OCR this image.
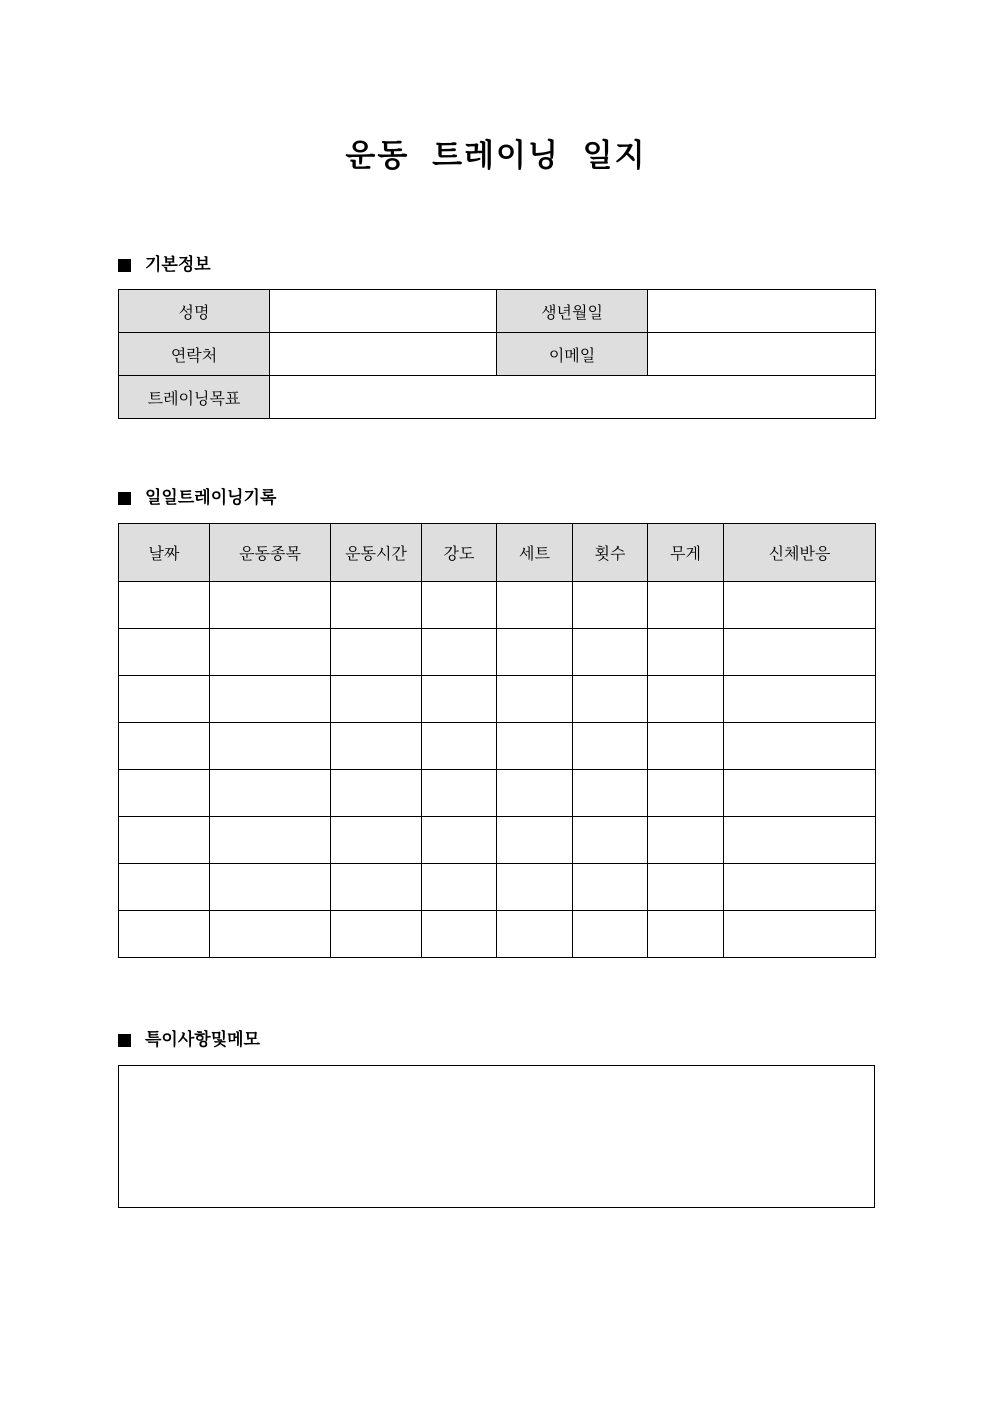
운동 트레이닝 일지
기본정보
성명		생년월일	
연락처		이메일	
트레이닝목표			
일일트레이닝기록
날짜	운동종목	운동시간	강도	세트	횟수	무게	신체반응

특이사항및메모
